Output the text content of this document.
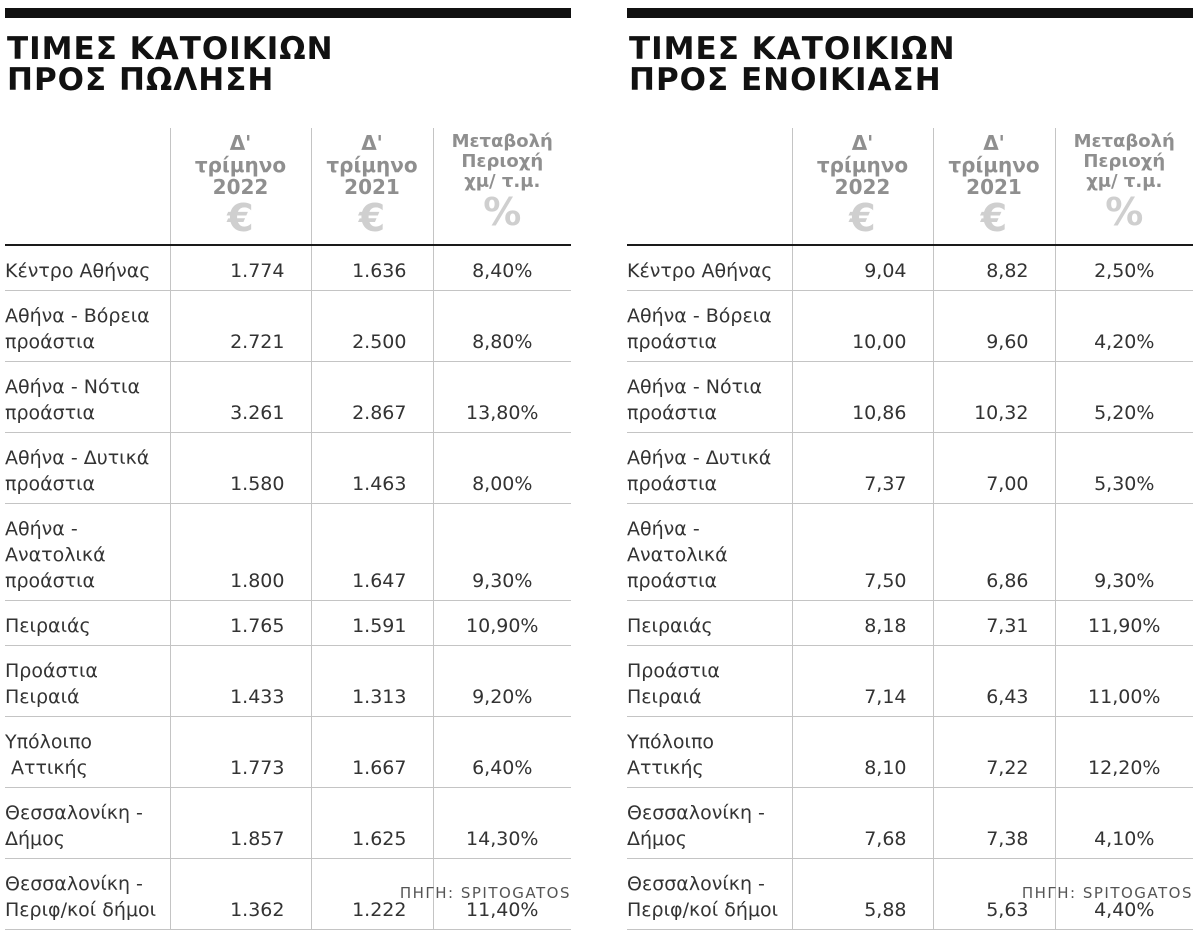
ΤΙΜΕΣ ΚΑΤΟΙΚΙΩΝ
ΠΡΟΣ ΠΩΛΗΣΗ

	Δ'
τρίμηνο
2022
€	Δ'
τρίμηνο
2021
€	Μεταβολή
Περιοχή
χμ/ τ.μ.
%

Κέντρο Αθήνας	1.774	1.636	8,40%
Αθήνα - Βόρεια
προάστια	2.721	2.500	8,80%
Αθήνα - Νότια
προάστια	3.261	2.867	13,80%
Αθήνα - Δυτικά
προάστια	1.580	1.463	8,00%
Αθήνα -
Ανατολικά
προάστια	1.800	1.647	9,30%
Πειραιάς	1.765	1.591	10,90%
Προάστια
Πειραιά	1.433	1.313	9,20%
Υπόλοιπο
Αττικής	1.773	1.667	6,40%
Θεσσαλονίκη -
Δήμος	1.857	1.625	14,30%
Θεσσαλονίκη -
Περιφ/κοί δήμοι	1.362	1.222	11,40%
ΠΗΓΗ: SPITOGATOS
ΤΙΜΕΣ ΚΑΤΟΙΚΙΩΝ
ΠΡΟΣ ΕΝΟΙΚΙΑΣΗ

	Δ'
τρίμηνο
2022
€	Δ'
τρίμηνο
2021
€	Μεταβολή
Περιοχή
χμ/ τ.μ.
%

Κέντρο Αθήνας	9,04	8,82	2,50%
Αθήνα - Βόρεια
προάστια	10,00	9,60	4,20%
Αθήνα - Νότια
προάστια	10,86	10,32	5,20%
Αθήνα - Δυτικά
προάστια	7,37	7,00	5,30%
Αθήνα -
Ανατολικά
προάστια	7,50	6,86	9,30%
Πειραιάς	8,18	7,31	11,90%
Προάστια
Πειραιά	7,14	6,43	11,00%
Υπόλοιπο
Αττικής	8,10	7,22	12,20%
Θεσσαλονίκη -
Δήμος	7,68	7,38	4,10%
Θεσσαλονίκη -
Περιφ/κοί δήμοι	5,88	5,63	4,40%
ΠΗΓΗ: SPITOGATOS
